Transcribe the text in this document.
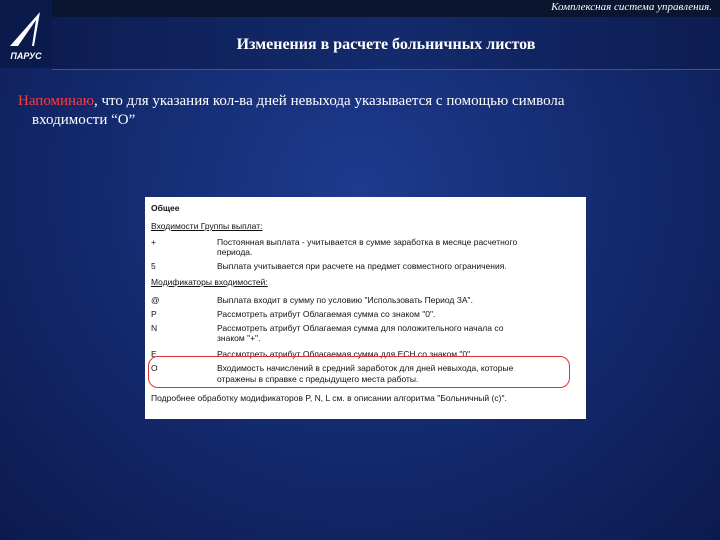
Комплексная система управления.
ПАРУС
Изменения в расчете больничных листов
Напоминаю, что для указания кол-ва дней невыхода указывается с помощью символа
входимости “О”
Общее
Входимости Группы выплат:
+	Постоянная выплата - учитывается в сумме заработка в месяце расчетного
периода.
5	Выплата учитывается при расчете на предмет совместного ограничения.
Модификаторы входимостей:
@	Выплата входит в сумму по условию "Использовать Период ЗА".
P	Рассмотреть атрибут Облагаемая сумма со знаком "0".
N	Рассмотреть атрибут Облагаемая сумма для положительного начала со
знаком "+".
E	Рассмотреть атрибут Облагаемая сумма для ЕСН со знаком "0".
O	Входимость начислений в средний заработок для дней невыхода, которые
отражены в справке с предыдущего места работы.
Подробнее обработку модификаторов P, N, L см. в описании алгоритма "Больничный (с)".
